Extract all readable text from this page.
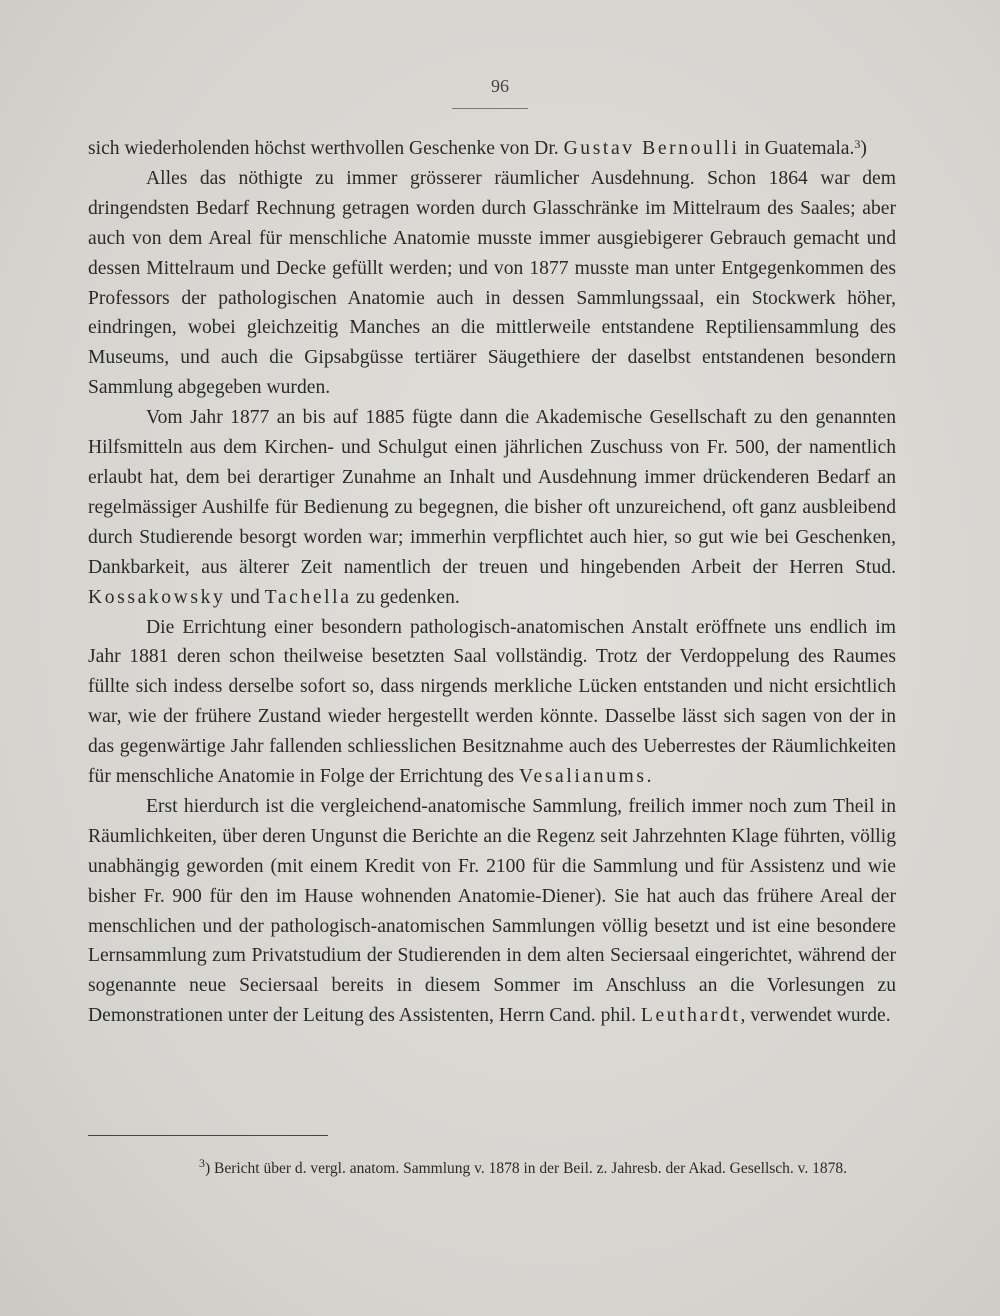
96

sich wiederholenden höchst werthvollen Geschenke von Dr. Gustav Bernoulli in Guatemala.$^3$)

Alles das nöthigte zu immer grösserer räumlicher Ausdehnung. Schon 1864 war dem dringendsten Bedarf Rechnung getragen worden durch Glasschränke im Mittelraum des Saales; aber auch von dem Areal für menschliche Anatomie musste immer ausgiebigerer Gebrauch gemacht und dessen Mittelraum und Decke gefüllt werden; und von 1877 musste man unter Entgegenkommen des Professors der pathologischen Anatomie auch in dessen Sammlungssaal, ein Stockwerk höher, eindringen, wobei gleichzeitig Manches an die mittlerweile entstandene Reptiliensammlung des Museums, und auch die Gipsabgüsse tertiärer Säugethiere der daselbst entstandenen besondern Sammlung abgegeben wurden.

Vom Jahr 1877 an bis auf 1885 fügte dann die Akademische Gesellschaft zu den genannten Hilfsmitteln aus dem Kirchen- und Schulgut einen jährlichen Zuschuss von Fr. 500, der namentlich erlaubt hat, dem bei derartiger Zunahme an Inhalt und Ausdehnung immer drückenderen Bedarf an regelmässiger Aushilfe für Bedienung zu begegnen, die bisher oft unzureichend, oft ganz ausbleibend durch Studierende besorgt worden war; immerhin verpflichtet auch hier, so gut wie bei Geschenken, Dankbarkeit, aus älterer Zeit namentlich der treuen und hingebenden Arbeit der Herren Stud. Kossakowsky und Tachella zu gedenken.

Die Errichtung einer besondern pathologisch-anatomischen Anstalt eröffnete uns endlich im Jahr 1881 deren schon theilweise besetzten Saal vollständig. Trotz der Verdoppelung des Raumes füllte sich indess derselbe sofort so, dass nirgends merkliche Lücken entstanden und nicht ersichtlich war, wie der frühere Zustand wieder hergestellt werden könnte. Dasselbe lässt sich sagen von der in das gegenwärtige Jahr fallenden schliesslichen Besitznahme auch des Ueberrestes der Räumlichkeiten für menschliche Anatomie in Folge der Errichtung des Vesalianums.

Erst hierdurch ist die vergleichend-anatomische Sammlung, freilich immer noch zum Theil in Räumlichkeiten, über deren Ungunst die Berichte an die Regenz seit Jahrzehnten Klage führten, völlig unabhängig geworden (mit einem Kredit von Fr. 2100 für die Sammlung und für Assistenz und wie bisher Fr. 900 für den im Hause wohnenden Anatomie-Diener). Sie hat auch das frühere Areal der menschlichen und der pathologisch-anatomischen Sammlungen völlig besetzt und ist eine besondere Lernsammlung zum Privatstudium der Studierenden in dem alten Seciersaal eingerichtet, während der sogenannte neue Seciersaal bereits in diesem Sommer im Anschluss an die Vorlesungen zu Demonstrationen unter der Leitung des Assistenten, Herrn Cand. phil. Leuthardt, verwendet wurde.

$^3$) Bericht über d. vergl. anatom. Sammlung v. 1878 in der Beil. z. Jahresb. der Akad. Gesellsch. v. 1878.
